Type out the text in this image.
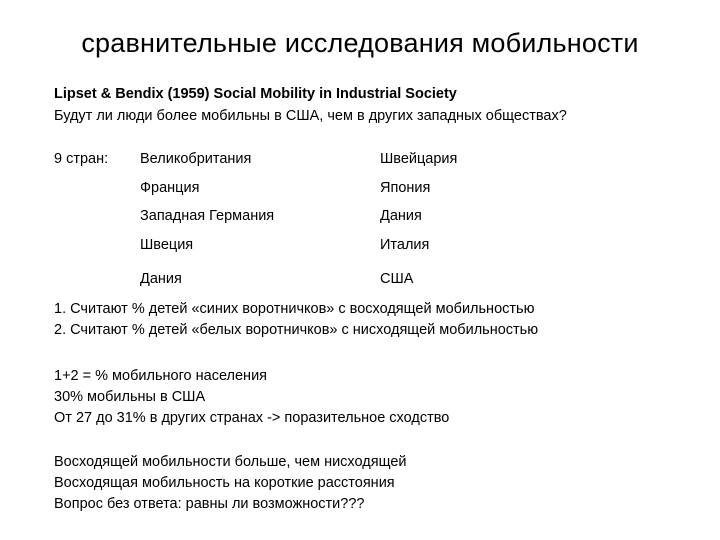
сравнительные исследования мобильности
Lipset & Bendix (1959) Social Mobility in Industrial Society
Будут ли люди более мобильны в США, чем в других западных обществах?
9 стран: Великобритания	Швейцария
Франция	Япония
Западная Германия	Дания
Швеция	Италия
Дания	США
1. Считают % детей «синих воротничков» с восходящей мобильностью
2. Считают % детей «белых воротничков» с нисходящей мобильностью
1+2 = % мобильного населения
30% мобильны в США
От 27 до 31% в других странах -> поразительное сходство
Восходящей мобильности больше, чем нисходящей
Восходящая мобильность на короткие расстояния
Вопрос без ответа: равны ли возможности???
